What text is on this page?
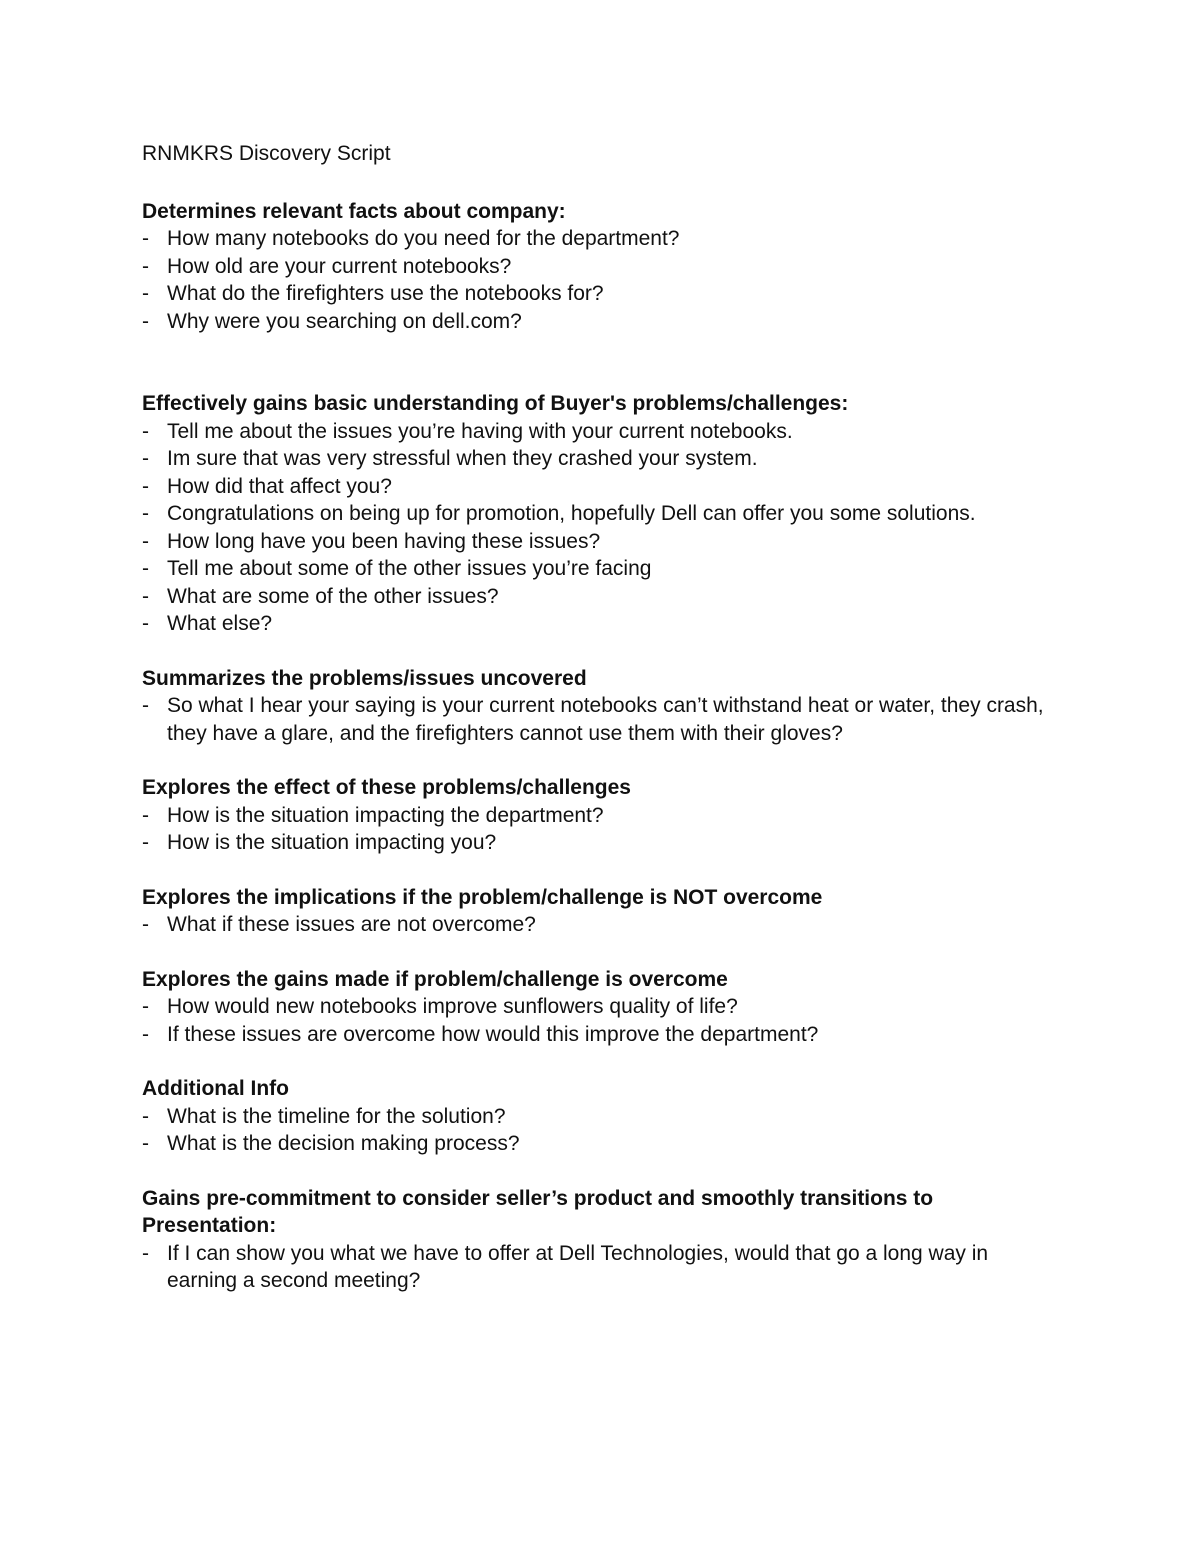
RNMKRS Discovery Script
Determines relevant facts about company:
- How many notebooks do you need for the department?
- How old are your current notebooks?
- What do the firefighters use the notebooks for?
- Why were you searching on dell.com?
Effectively gains basic understanding of Buyer's problems/challenges:
- Tell me about the issues you’re having with your current notebooks.
- Im sure that was very stressful when they crashed your system.
- How did that affect you?
- Congratulations on being up for promotion, hopefully Dell can offer you some solutions.
- How long have you been having these issues?
- Tell me about some of the other issues you’re facing
- What are some of the other issues?
- What else?
Summarizes the problems/issues uncovered
- So what I hear your saying is your current notebooks can’t withstand heat or water, they crash, they have a glare, and the firefighters cannot use them with their gloves?
Explores the effect of these problems/challenges
- How is the situation impacting the department?
- How is the situation impacting you?
Explores the implications if the problem/challenge is NOT overcome
- What if these issues are not overcome?
Explores the gains made if problem/challenge is overcome
- How would new notebooks improve sunflowers quality of life?
- If these issues are overcome how would this improve the department?
Additional Info
- What is the timeline for the solution?
- What is the decision making process?
Gains pre-commitment to consider seller’s product and smoothly transitions to Presentation:
- If I can show you what we have to offer at Dell Technologies, would that go a long way in earning a second meeting?
